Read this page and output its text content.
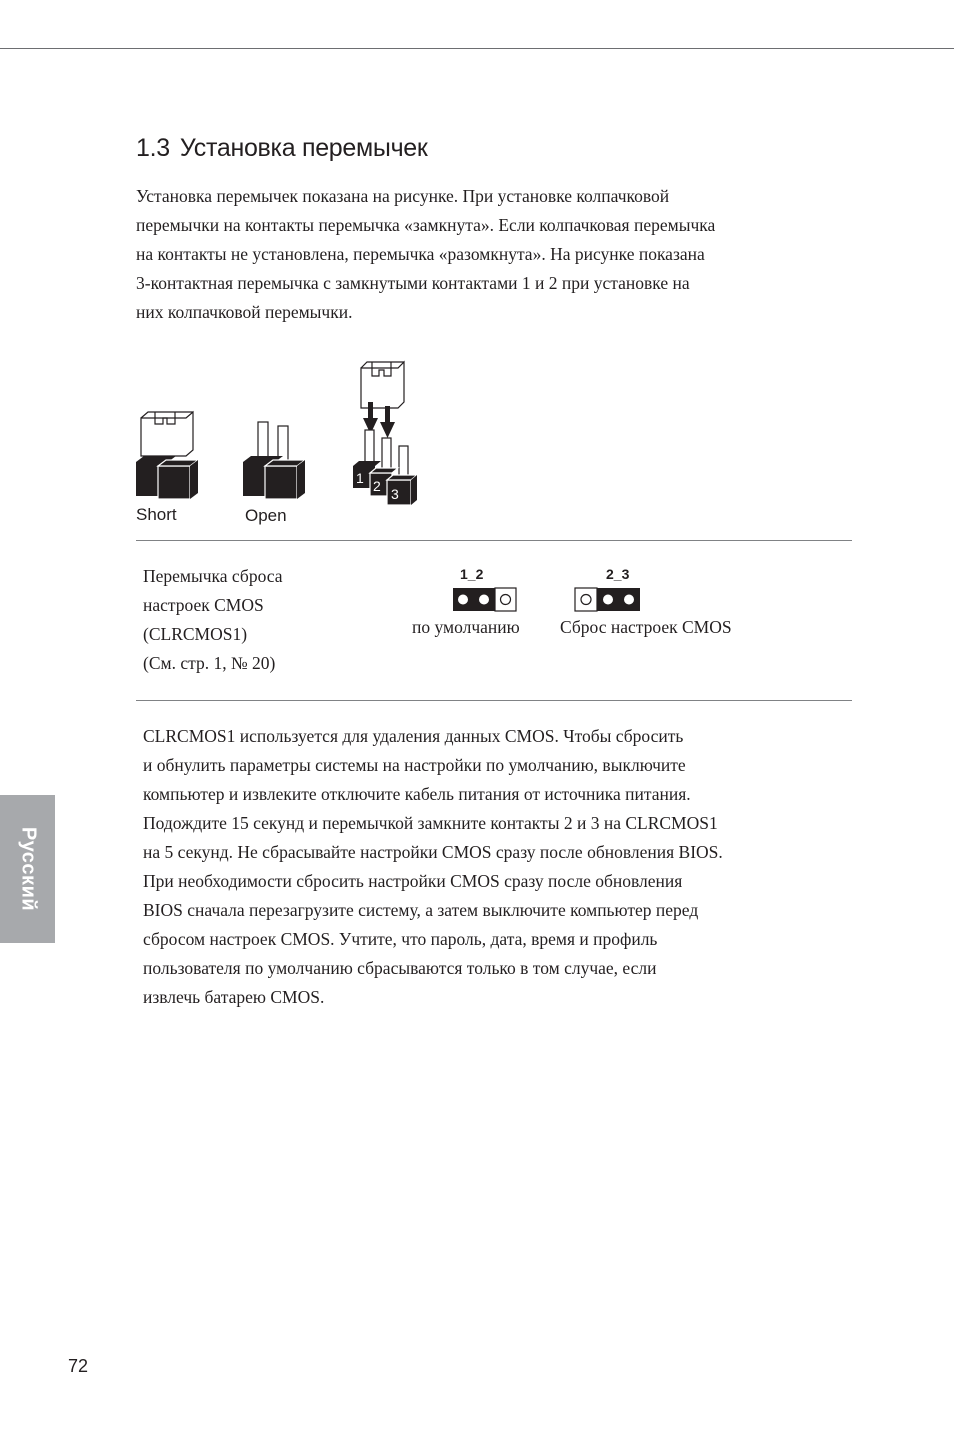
1.3 Установка перемычек
Установка перемычек показана на рисунке. При установке колпачковой
перемычки на контакты перемычка «замкнута». Если колпачковая перемычка
на контакты не установлена, перемычка «разомкнута». На рисунке показана
3-контактная перемычка с замкнутыми контактами 1 и 2 при установке на
них колпачковой перемычки.
1 2 3
Short	Open
Перемычка сброса
настроек CMOS
(CLRCMOS1)
(См. стр. 1, № 20)
1_2
по умолчанию
2_3
Сброс настроек CMOS
CLRCMOS1 используется для удаления данных CMOS. Чтобы сбросить
и обнулить параметры системы на настройки по умолчанию, выключите
компьютер и извлеките отключите кабель питания от источника питания.
Подождите 15 секунд и перемычкой замкните контакты 2 и 3 на CLRCMOS1
на 5 секунд. Не сбрасывайте настройки CMOS сразу после обновления BIOS.
При необходимости сбросить настройки CMOS сразу после обновления
BIOS сначала перезагрузите систему, а затем выключите компьютер перед
сбросом настроек CMOS. Учтите, что пароль, дата, время и профиль
пользователя по умолчанию сбрасываются только в том случае, если
извлечь батарею CMOS.
Русский
72
